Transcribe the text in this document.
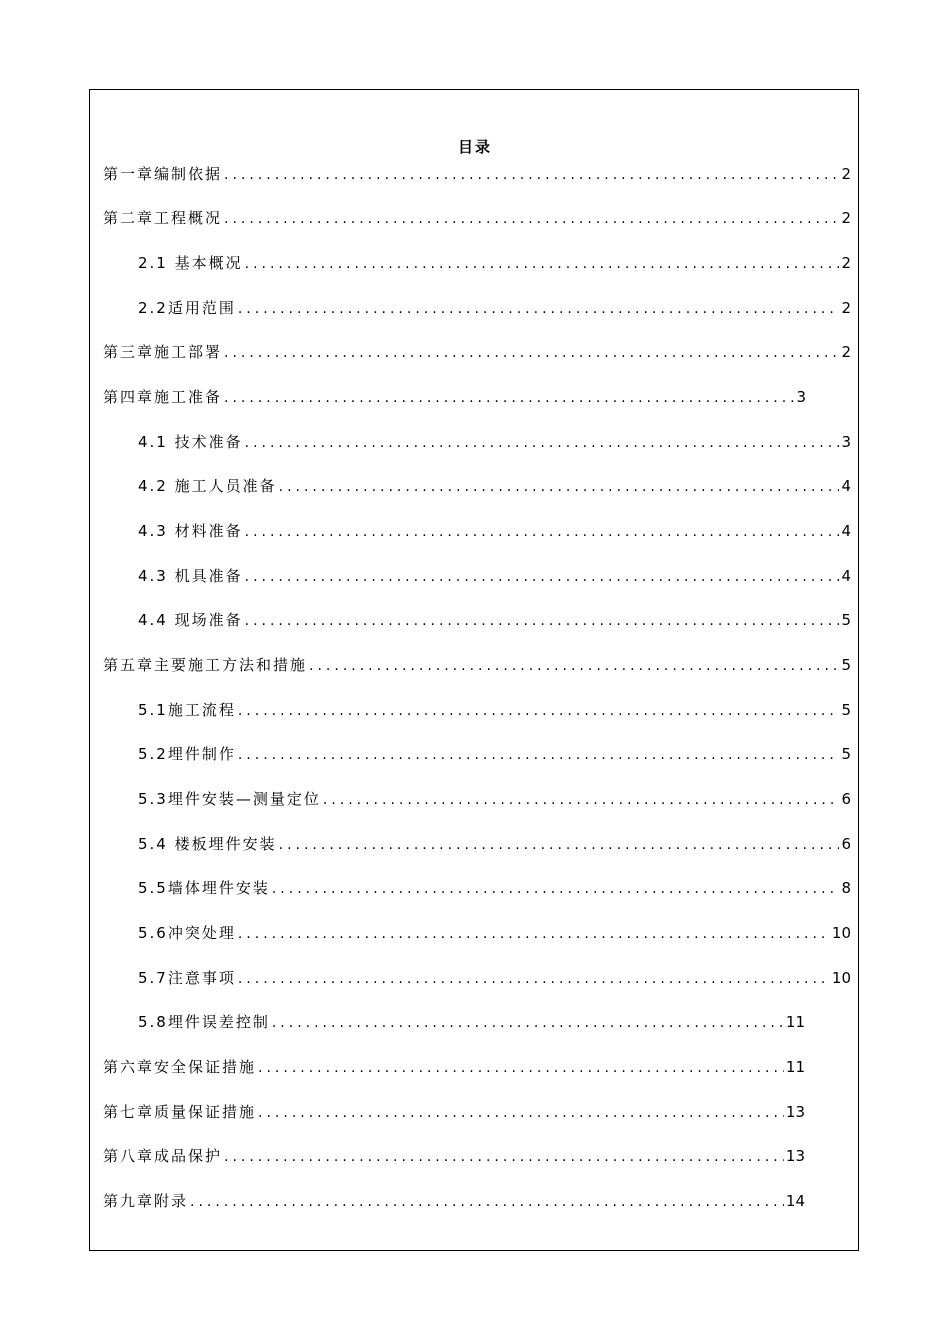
目录
第一章编制依据 .....	2
第二章工程概况 .....	2
2.1 基本概况 .....	2
2.2适用范围 .....	2
第三章施工部署 .....	2
第四章施工准备 .....	3
4.1 技术准备 .....	3
4.2 施工人员准备 .....	4
4.3 材料准备 .....	4
4.3 机具准备 .....	4
4.4 现场准备 .....	5
第五章主要施工方法和措施 .....	5
5.1施工流程 .....	5
5.2埋件制作 .....	5
5.3埋件安装—测量定位 .....	6
5.4 楼板埋件安装 .....	6
5.5墙体埋件安装 .....	8
5.6冲突处理 .....	10
5.7注意事项 .....	10
5.8埋件误差控制 .....	11
第六章安全保证措施 .....	11
第七章质量保证措施 .....	13
第八章成品保护 .....	13
第九章附录 .....	14
